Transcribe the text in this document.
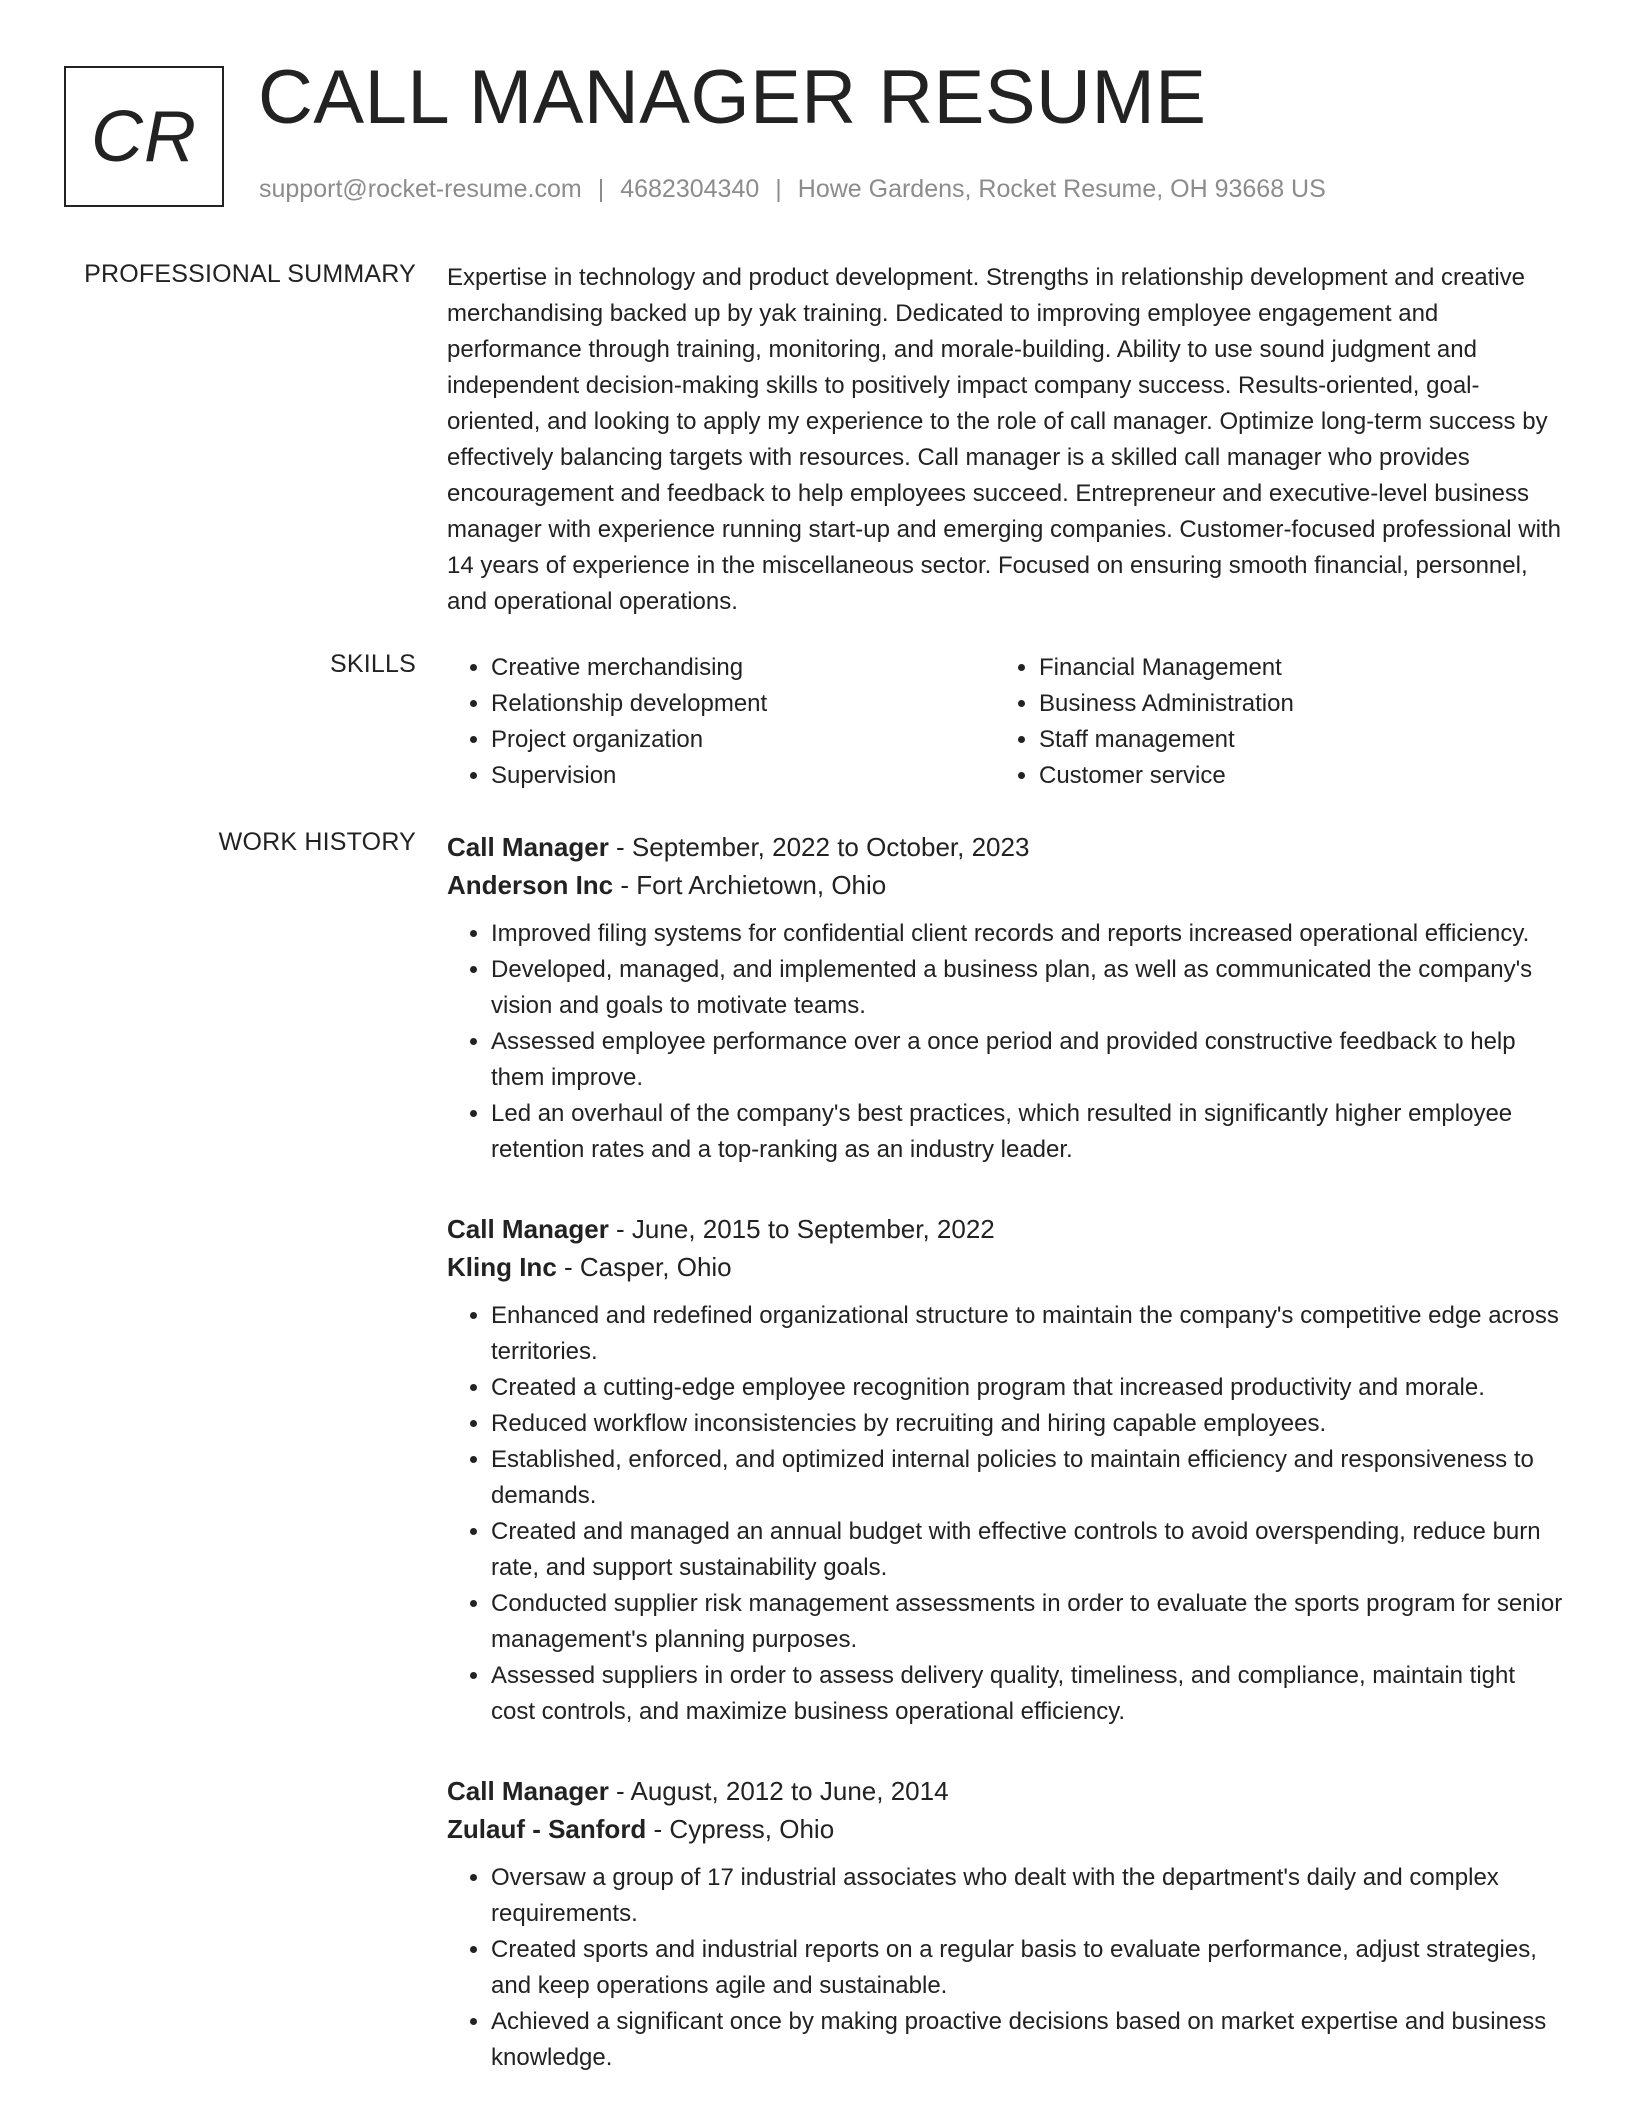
CR CALL MANAGER RESUME
support@rocket-resume.com | 4682304340 | Howe Gardens, Rocket Resume, OH 93668 US
PROFESSIONAL SUMMARY Expertise in technology and product development. Strengths in relationship development and creative merchandising backed up by yak training. Dedicated to improving employee engagement and performance through training, monitoring, and morale-building. Ability to use sound judgment and independent decision-making skills to positively impact company success. Results-oriented, goal-oriented, and looking to apply my experience to the role of call manager. Optimize long-term success by effectively balancing targets with resources. Call manager is a skilled call manager who provides encouragement and feedback to help employees succeed. Entrepreneur and executive-level business manager with experience running start-up and emerging companies. Customer-focused professional with 14 years of experience in the miscellaneous sector. Focused on ensuring smooth financial, personnel, and operational operations.

SKILLS
•	Creative merchandising
• Relationship development
• Project organization
• Supervision
• Financial Management
• Business Administration
• Staff management
• Customer service
WORK HISTORY Call Manager - September, 2022 to October, 2023
Anderson Inc - Fort Archietown, Ohio
• Improved filing systems for confidential client records and reports increased operational efficiency.
• Developed, managed, and implemented a business plan, as well as communicated the company's vision and goals to motivate teams.
• Assessed employee performance over a once period and provided constructive feedback to help them improve.
• Led an overhaul of the company's best practices, which resulted in significantly higher employee retention rates and a top-ranking as an industry leader.
Call Manager - June, 2015 to September, 2022
Kling Inc - Casper, Ohio
• Enhanced and redefined organizational structure to maintain the company's competitive edge across territories.
• Created a cutting-edge employee recognition program that increased productivity and morale.
• Reduced workflow inconsistencies by recruiting and hiring capable employees.
• Established, enforced, and optimized internal policies to maintain efficiency and responsiveness to demands.
• Created and managed an annual budget with effective controls to avoid overspending, reduce burn rate, and support sustainability goals.
• Conducted supplier risk management assessments in order to evaluate the sports program for senior management's planning purposes.
• Assessed suppliers in order to assess delivery quality, timeliness, and compliance, maintain tight cost controls, and maximize business operational efficiency.
Call Manager - August, 2012 to June, 2014
Zulauf - Sanford - Cypress, Ohio
• Oversaw a group of 17 industrial associates who dealt with the department's daily and complex requirements.
• Created sports and industrial reports on a regular basis to evaluate performance, adjust strategies, and keep operations agile and sustainable.
• Achieved a significant once by making proactive decisions based on market expertise and business knowledge.
